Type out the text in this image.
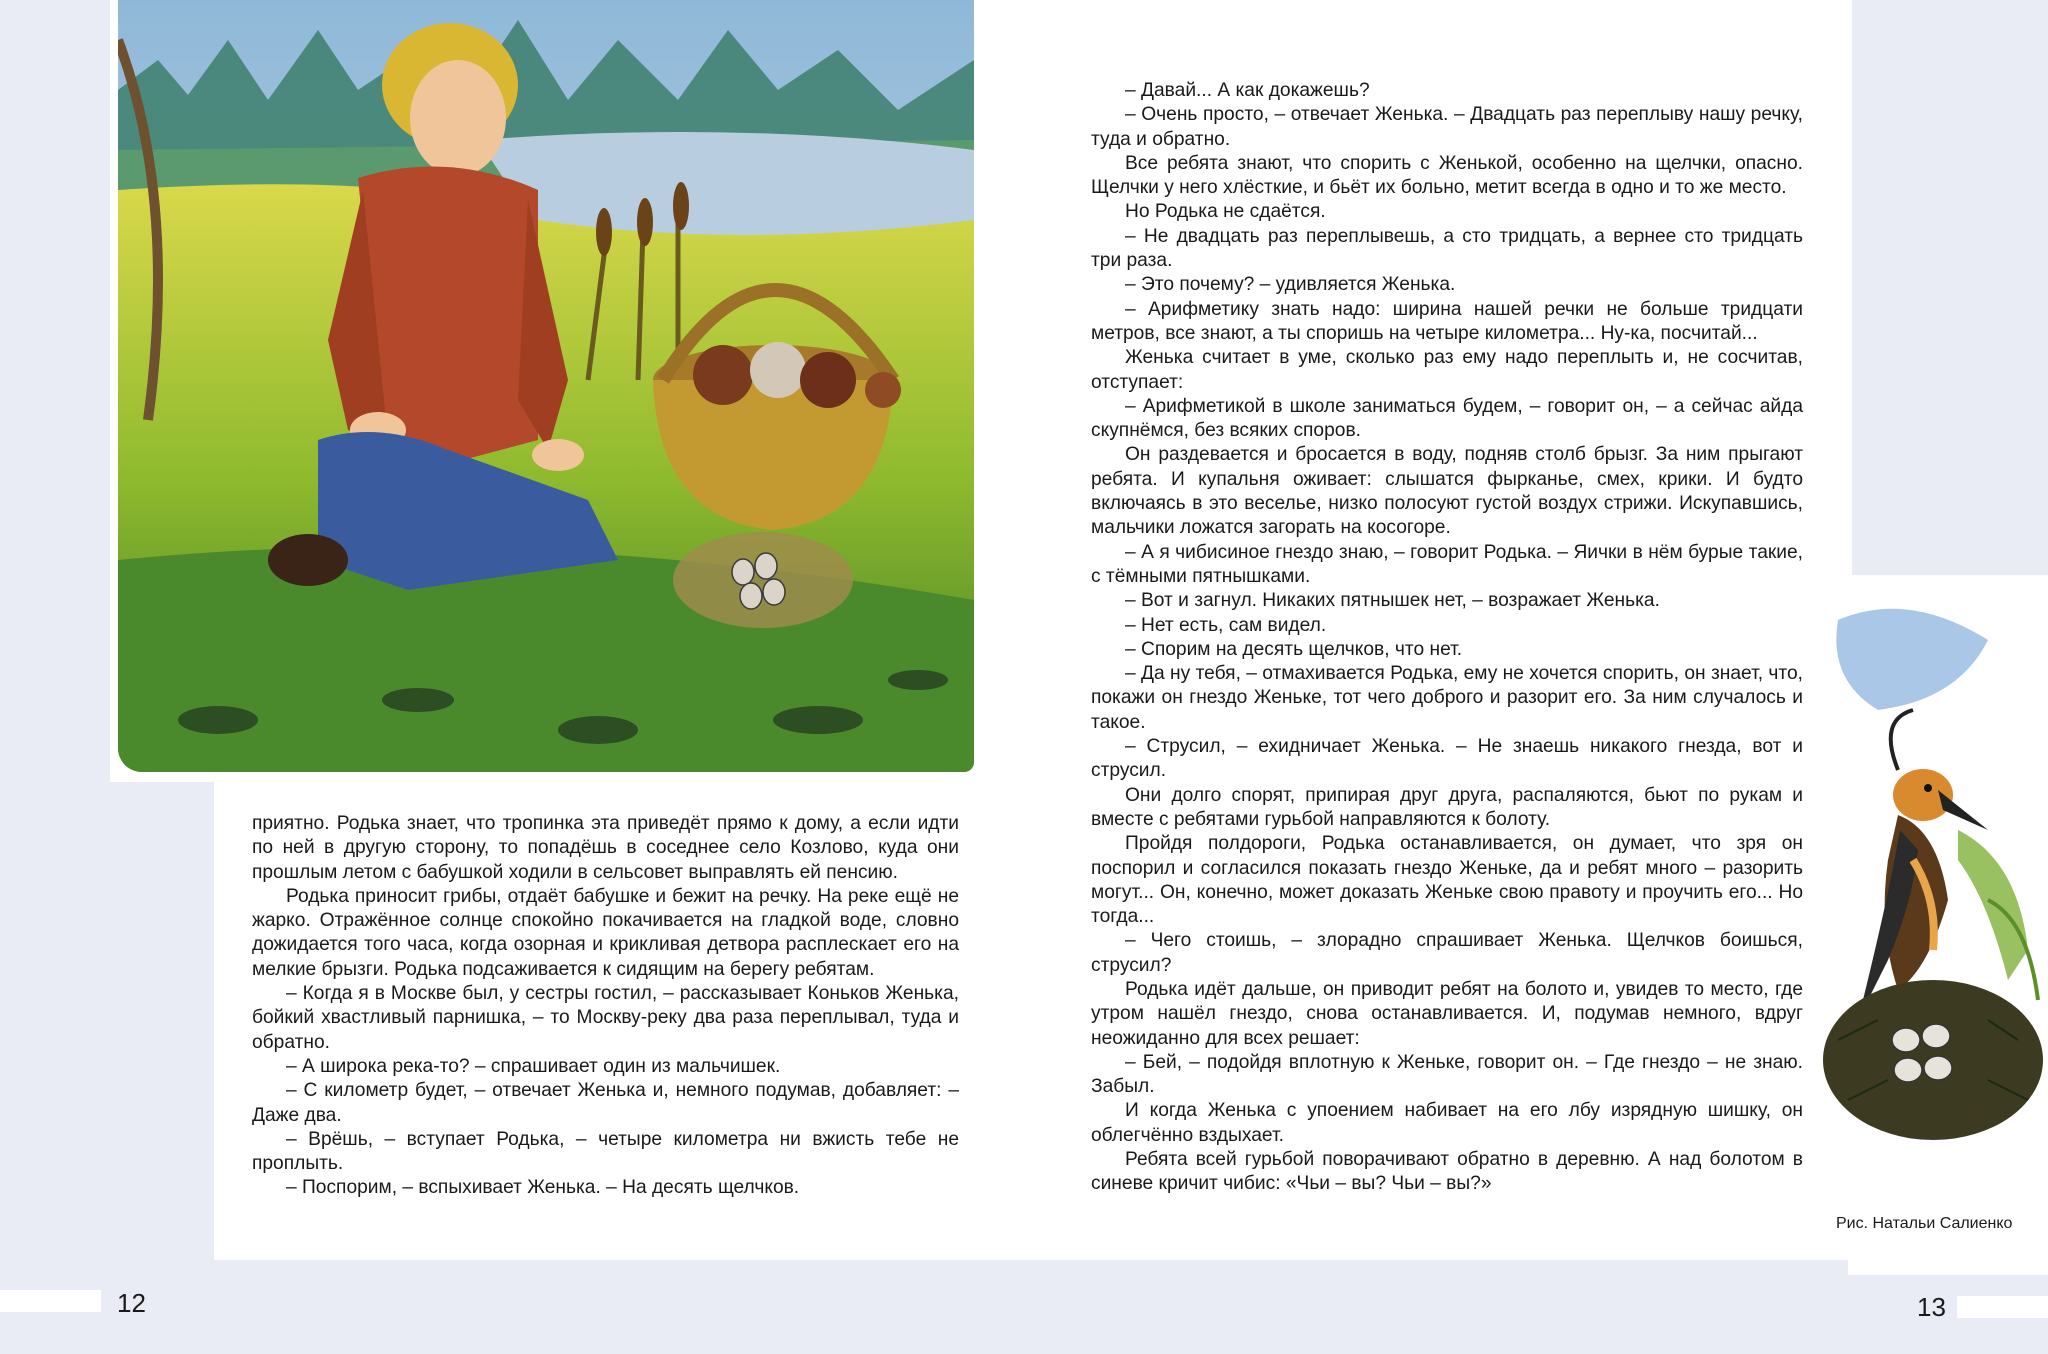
приятно. Родька знает, что тропинка эта приведёт прямо к дому, а если идти по ней в другую сторону, то попадёшь в соседнее село Козлово, куда они прошлым летом с бабушкой ходили в сельсовет выправлять ей пенсию.

Родька приносит грибы, отдаёт бабушке и бежит на речку. На реке ещё не жарко. Отражённое солнце спокойно покачивается на гладкой воде, словно дожидается того часа, когда озорная и крикливая детвора расплескает его на мелкие брызги. Родька подсаживается к сидящим на берегу ребятам.

– Когда я в Москве был, у сестры гостил, – рассказывает Коньков Женька, бойкий хвастливый парнишка, – то Москву-реку два раза переплывал, туда и обратно.

– А широка река-то? – спрашивает один из мальчишек.

– С километр будет, – отвечает Женька и, немного подумав, добавляет: – Даже два.

– Врёшь, – вступает Родька, – четыре километра ни вжисть тебе не проплыть.

– Поспорим, – вспыхивает Женька. – На десять щелчков.

– Давай... А как докажешь?

– Очень просто, – отвечает Женька. – Двадцать раз переплыву нашу речку, туда и обратно.

Все ребята знают, что спорить с Женькой, особенно на щелчки, опасно. Щелчки у него хлёсткие, и бьёт их больно, метит всегда в одно и то же место.

Но Родька не сдаётся.

– Не двадцать раз переплывешь, а сто тридцать, а вернее сто тридцать три раза.

– Это почему? – удивляется Женька.

– Арифметику знать надо: ширина нашей речки не больше тридцати метров, все знают, а ты споришь на четыре километра... Ну-ка, посчитай...

Женька считает в уме, сколько раз ему надо переплыть и, не сосчитав, отступает:

– Арифметикой в школе заниматься будем, – говорит он, – а сейчас айда скупнёмся, без всяких споров.

Он раздевается и бросается в воду, подняв столб брызг. За ним прыгают ребята. И купальня оживает: слышатся фырканье, смех, крики. И будто включаясь в это веселье, низко полосуют густой воздух стрижи. Искупавшись, мальчики ложатся загорать на косогоре.

– А я чибисиное гнездо знаю, – говорит Родька. – Яички в нём бурые такие, с тёмными пятнышками.

– Вот и загнул. Никаких пятнышек нет, – возражает Женька.

– Нет есть, сам видел.

– Спорим на десять щелчков, что нет.

– Да ну тебя, – отмахивается Родька, ему не хочется спорить, он знает, что, покажи он гнездо Женьке, тот чего доброго и разорит его. За ним случалось и такое.

– Струсил, – ехидничает Женька. – Не знаешь никакого гнезда, вот и струсил.

Они долго спорят, припирая друг друга, распаляются, бьют по рукам и вместе с ребятами гурьбой направляются к болоту.

Пройдя полдороги, Родька останавливается, он думает, что зря он поспорил и согласился показать гнездо Женьке, да и ребят много – разорить могут... Он, конечно, может доказать Женьке свою правоту и проучить его... Но тогда...

– Чего стоишь, – злорадно спрашивает Женька. Щелчков боишься, струсил?

Родька идёт дальше, он приводит ребят на болото и, увидев то место, где утром нашёл гнездо, снова останавливается. И, подумав немного, вдруг неожиданно для всех решает:

– Бей, – подойдя вплотную к Женьке, говорит он. – Где гнездо – не знаю. Забыл.

И когда Женька с упоением набивает на его лбу изрядную шишку, он облегчённо вздыхает.

Ребята всей гурьбой поворачивают обратно в деревню. А над болотом в синеве кричит чибис: «Чьи – вы? Чьи – вы?»

Рис. Натальи Салиенко
12	13
